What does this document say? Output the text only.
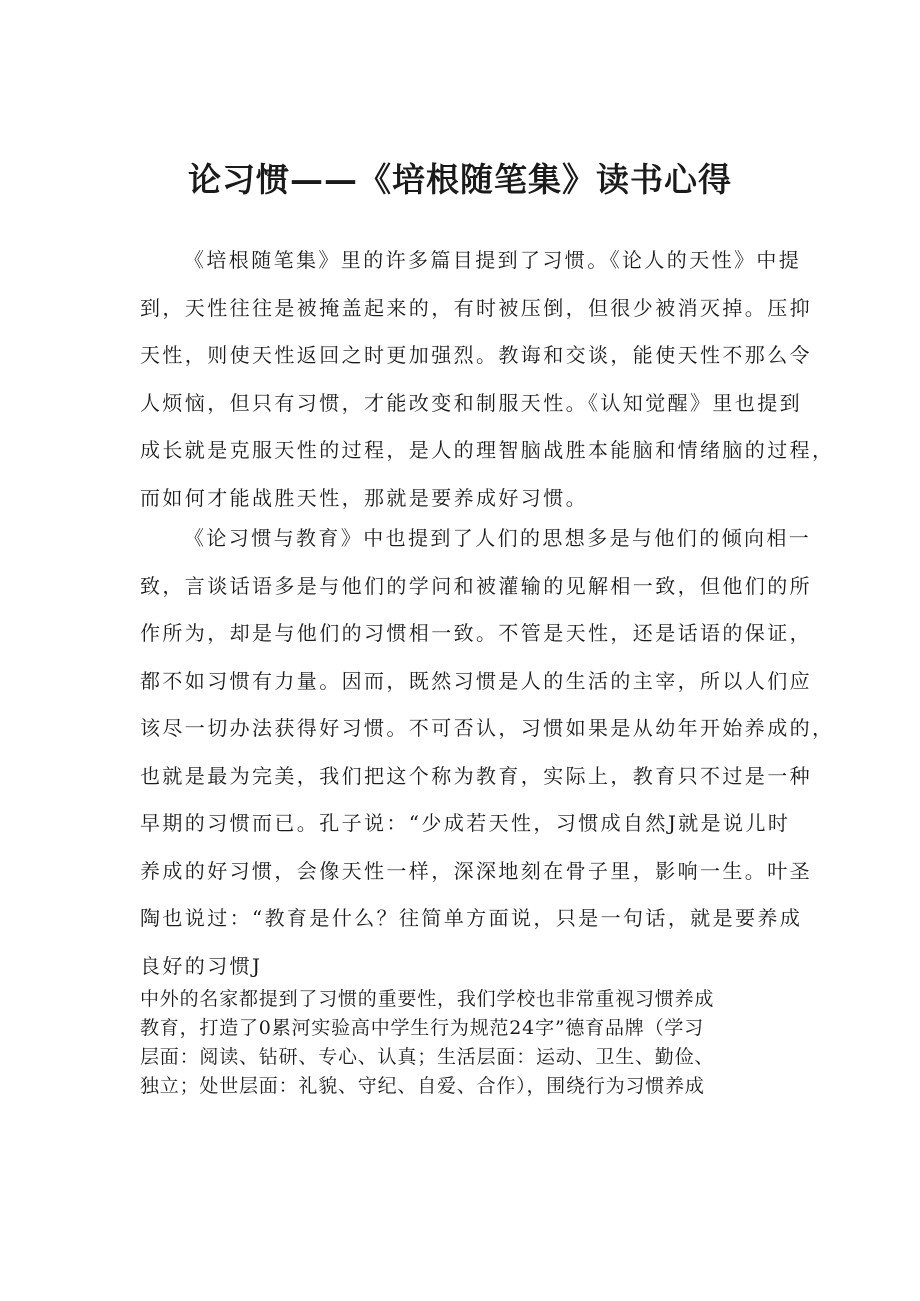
论习惯——《培根随笔集》读书心得

《培根随笔集》里的许多篇目提到了习惯。《论人的天性》中提
到，天性往往是被掩盖起来的，有时被压倒，但很少被消灭掉。压抑
天性，则使天性返回之时更加强烈。教诲和交谈，能使天性不那么令
人烦恼，但只有习惯，才能改变和制服天性。《认知觉醒》里也提到
成长就是克服天性的过程，是人的理智脑战胜本能脑和情绪脑的过程，
而如何才能战胜天性，那就是要养成好习惯。

《论习惯与教育》中也提到了人们的思想多是与他们的倾向相一
致，言谈话语多是与他们的学问和被灌输的见解相一致，但他们的所
作所为，却是与他们的习惯相一致。不管是天性，还是话语的保证，
都不如习惯有力量。因而，既然习惯是人的生活的主宰，所以人们应
该尽一切办法获得好习惯。不可否认，习惯如果是从幼年开始养成的，
也就是最为完美，我们把这个称为教育，实际上，教育只不过是一种
早期的习惯而已。孔子说：“少成若天性，习惯成自然J就是说儿时
养成的好习惯，会像天性一样，深深地刻在骨子里，影响一生。叶圣
陶也说过：“教育是什么？往简单方面说，只是一句话，就是要养成
良好的习惯J

中外的名家都提到了习惯的重要性，我们学校也非常重视习惯养成
教育，打造了0累河实验高中学生行为规范24字”德育品牌（学习
层面：阅读、钻研、专心、认真；生活层面：运动、卫生、勤俭、
独立；处世层面：礼貌、守纪、自爱、合作），围绕行为习惯养成
